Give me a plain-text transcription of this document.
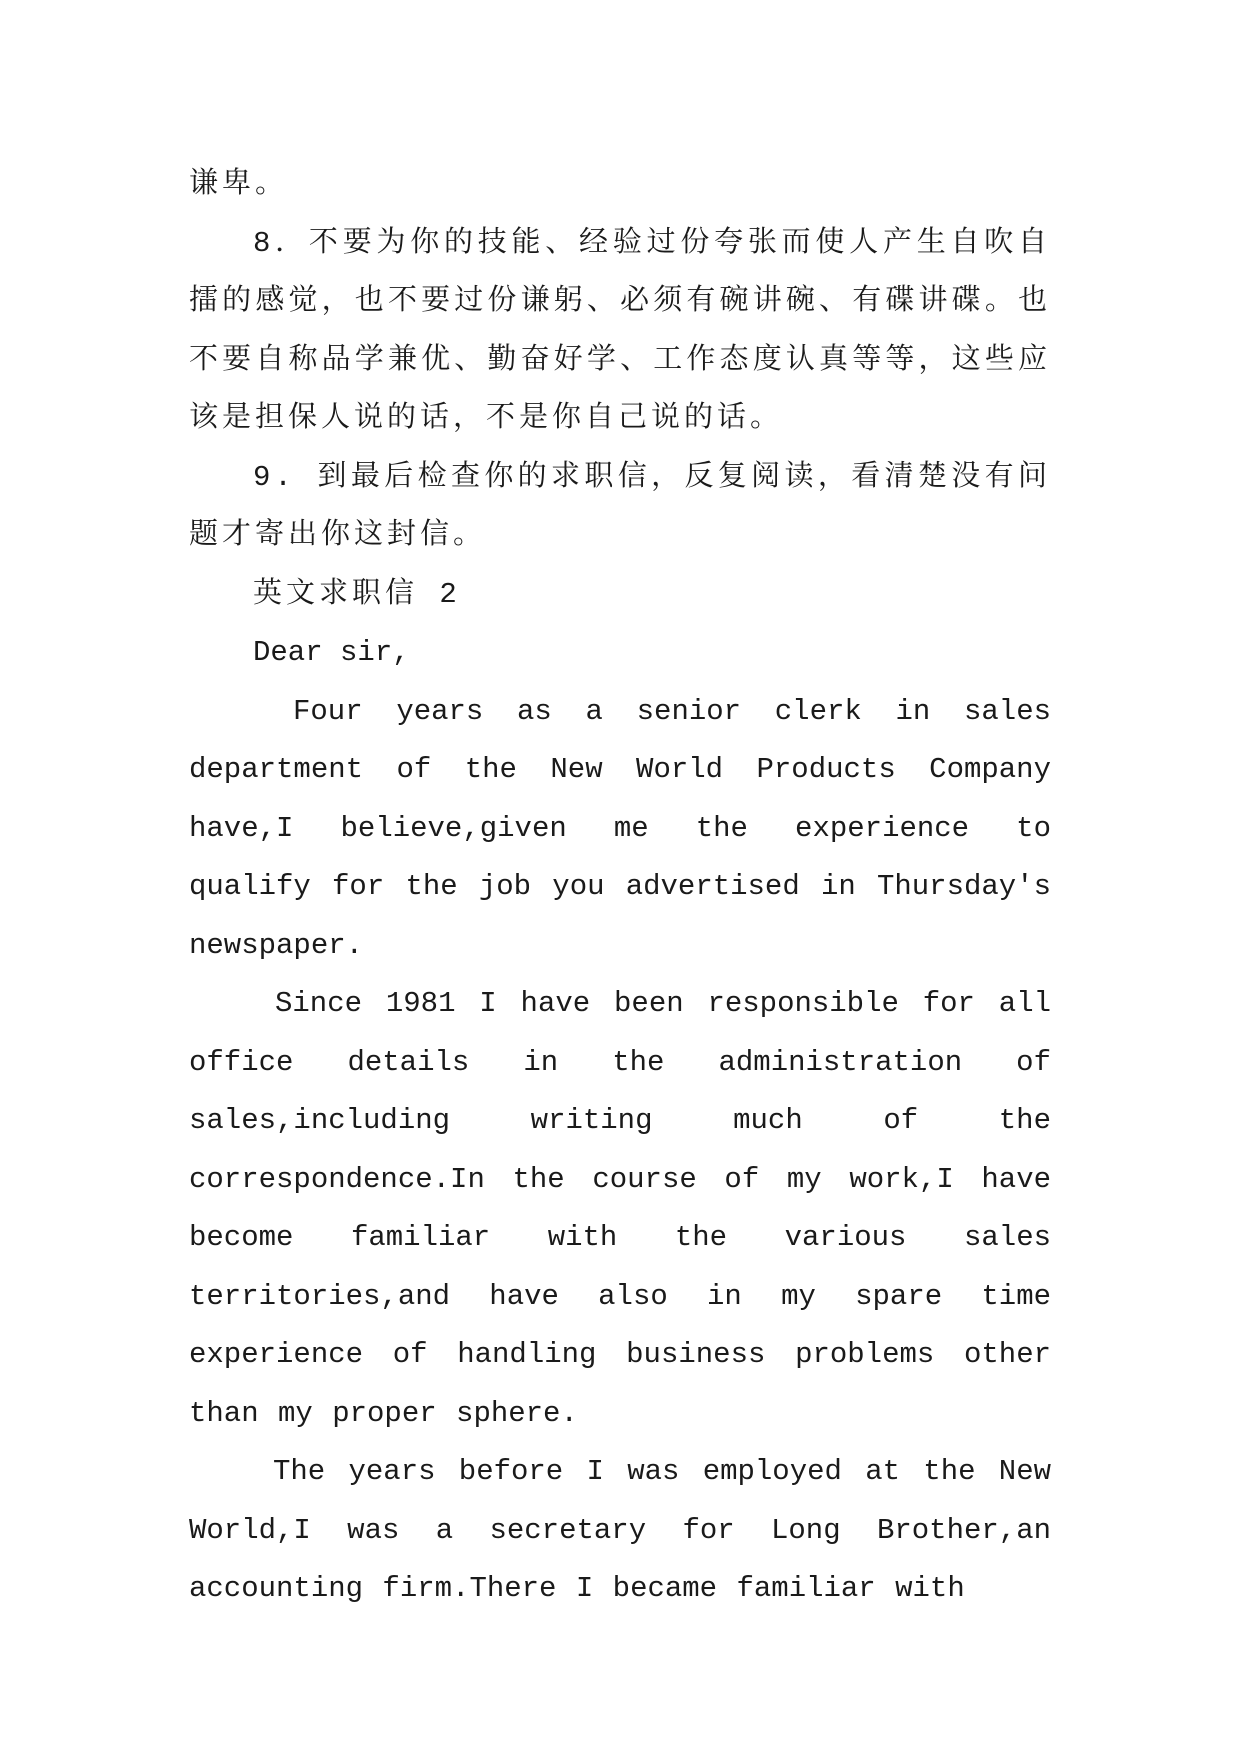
谦卑。

8．不要为你的技能、经验过份夸张而使人产生自吹自擂的感觉，也不要过份谦躬、必须有碗讲碗、有碟讲碟。也不要自称品学兼优、勤奋好学、工作态度认真等等，这些应该是担保人说的话，不是你自己说的话。

9. 到最后检查你的求职信，反复阅读，看清楚没有问题才寄出你这封信。

英文求职信 2

Dear sir,

Four years as a senior clerk in sales department of the New World Products Company have,I believe,given me the experience to qualify for the job you advertised in Thursday's newspaper.

Since 1981 I have been responsible for all office details in the administration of sales,including writing much of the correspondence.In the course of my work,I have become familiar with the various sales territories,and have also in my spare time experience of handling business problems other than my proper sphere.

The years before I was employed at the New World,I was a secretary for Long Brother,an accounting firm.There I became familiar with
